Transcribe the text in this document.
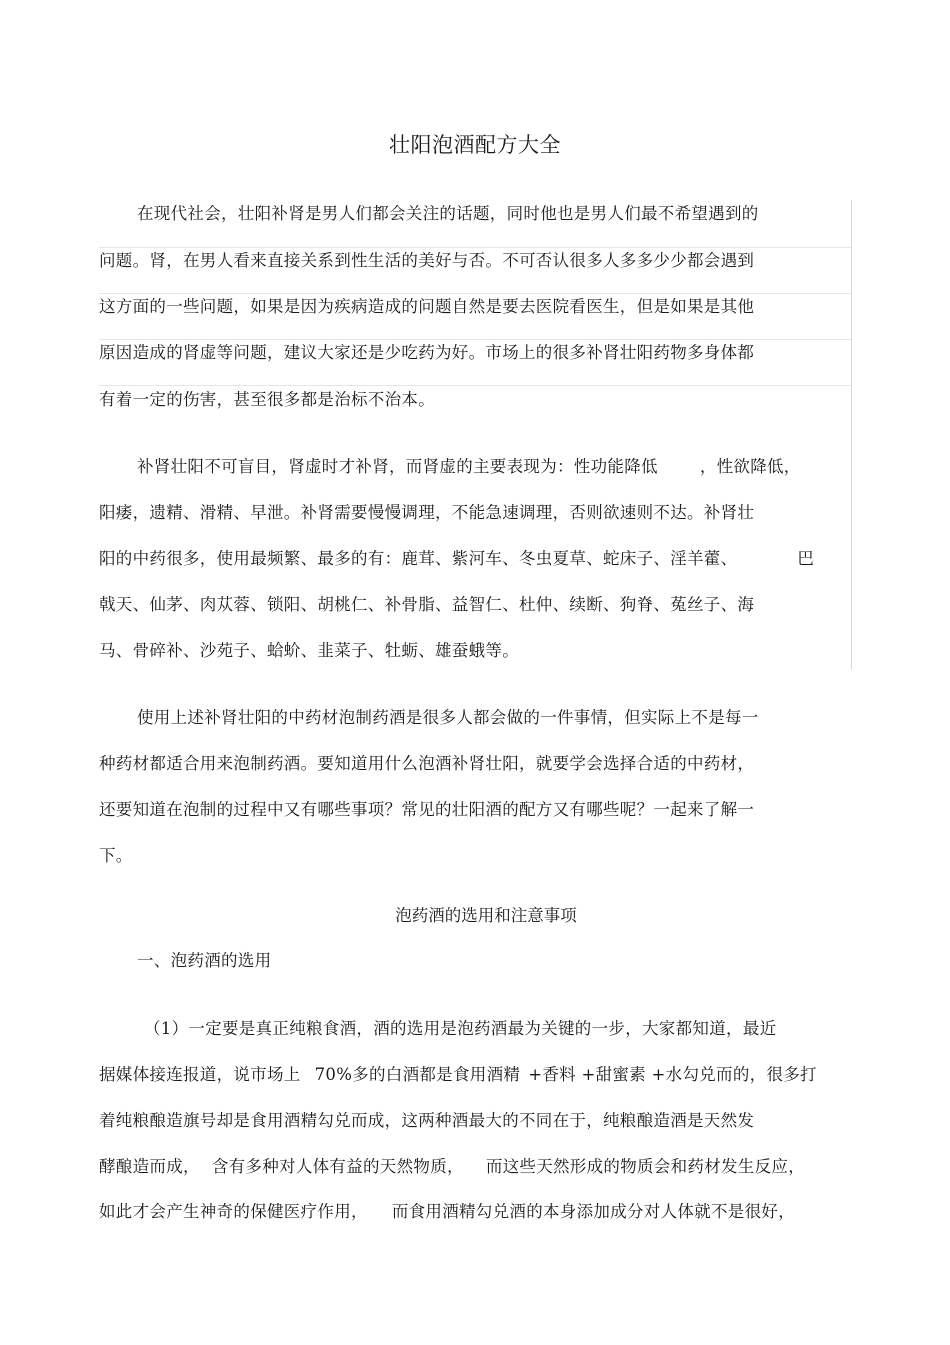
壮阳泡酒配方大全
在现代社会，壮阳补肾是男人们都会关注的话题，同时他也是男人们最不希望遇到的
问题。肾，在男人看来直接关系到性生活的美好与否。不可否认很多人多多少少都会遇到
这方面的一些问题，如果是因为疾病造成的问题自然是要去医院看医生，但是如果是其他
原因造成的肾虚等问题，建议大家还是少吃药为好。市场上的很多补肾壮阳药物多身体都
有着一定的伤害，甚至很多都是治标不治本。
补肾壮阳不可盲目，肾虚时才补肾，而肾虚的主要表现为：性功能降低	，性欲降低，
阳痿，遗精、滑精、早泄。补肾需要慢慢调理，不能急速调理，否则欲速则不达。补肾壮
阳的中药很多，使用最频繁、最多的有：鹿茸、紫河车、冬虫夏草、蛇床子、淫羊藿、	巴
戟天、仙茅、肉苁蓉、锁阳、胡桃仁、补骨脂、益智仁、杜仲、续断、狗脊、菟丝子、海
马、骨碎补、沙苑子、蛤蚧、韭菜子、牡蛎、雄蚕蛾等。
使用上述补肾壮阳的中药材泡制药酒是很多人都会做的一件事情，但实际上不是每一
种药材都适合用来泡制药酒。要知道用什么泡酒补肾壮阳，就要学会选择合适的中药材，
还要知道在泡制的过程中又有哪些事项？常见的壮阳酒的配方又有哪些呢？一起来了解一
下。
泡药酒的选用和注意事项
一、泡药酒的选用
（1）一定要是真正纯粮食酒，酒的选用是泡药酒最为关键的一步，大家都知道，最近
据媒体接连报道，说市场上 70%多的白酒都是食用酒精 +香料 +甜蜜素 +水勾兑而的，很多打
着纯粮酿造旗号却是食用酒精勾兑而成，这两种酒最大的不同在于，纯粮酿造酒是天然发
酵酿造而成， 含有多种对人体有益的天然物质， 而这些天然形成的物质会和药材发生反应，
如此才会产生神奇的保健医疗作用， 而食用酒精勾兑酒的本身添加成分对人体就不是很好，
